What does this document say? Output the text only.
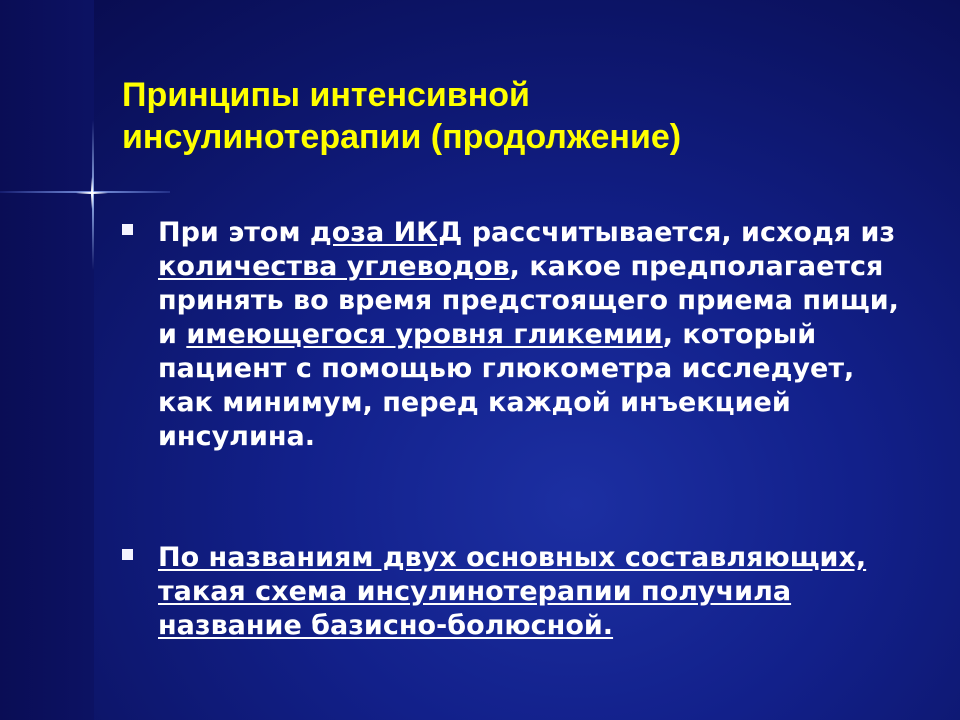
Принципы интенсивной
инсулинотерапии (продолжение)
При этом доза ИКД рассчитывается, исходя из количества углеводов, какое предполагается принять во время предстоящего приема пищи, и имеющегося уровня гликемии, который пациент с помощью глюкометра исследует, как минимум, перед каждой инъекцией инсулина.
По названиям двух основных составляющих, такая схема инсулинотерапии получила название базисно-болюсной.
